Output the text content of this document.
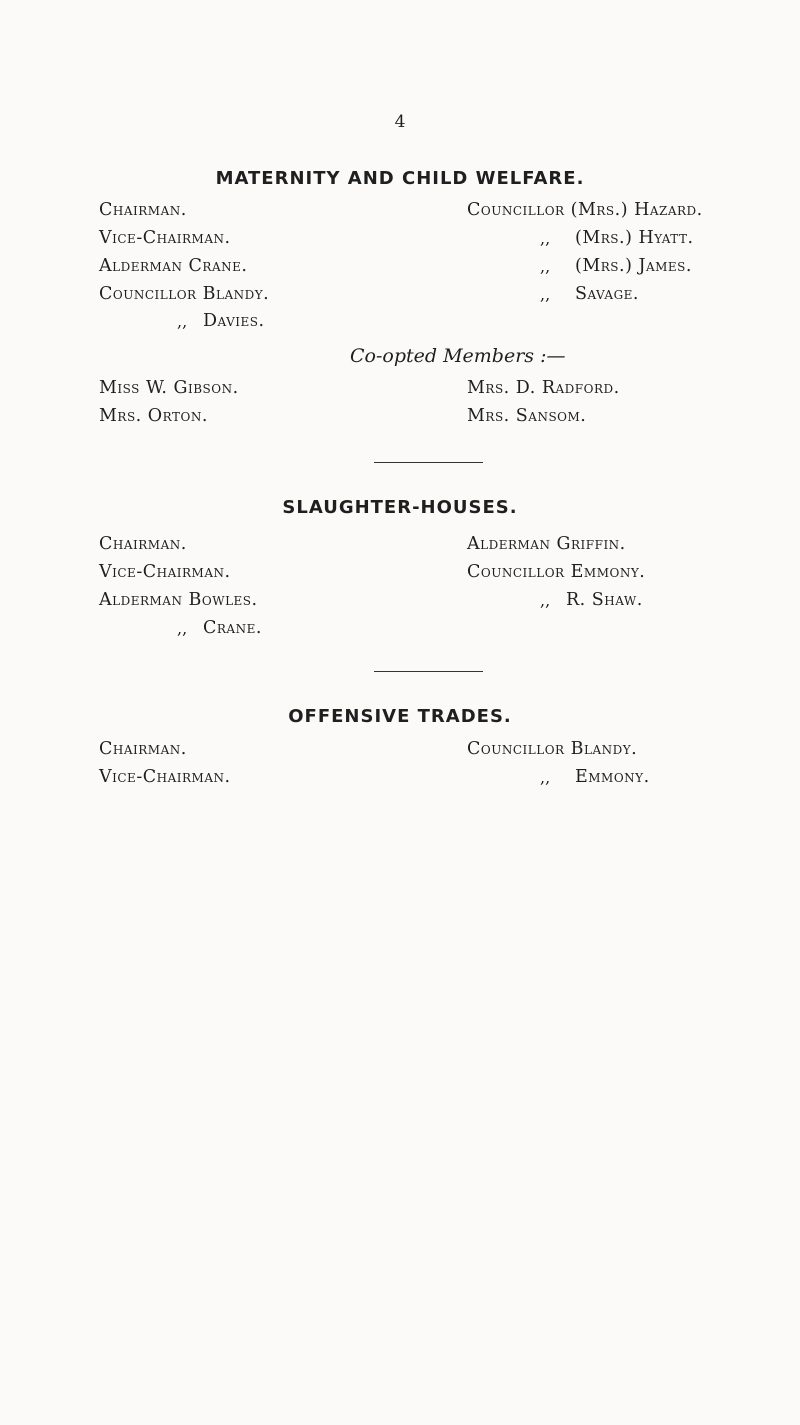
4
MATERNITY AND CHILD WELFARE.
Chairman.
Vice-Chairman.
Alderman Crane.
Councillor Blandy.
,, Davies.
Councillor (Mrs.) Hazard.
,, (Mrs.) Hyatt.
,, (Mrs.) James.
,, Savage.
Co-opted Members :—
Miss W. Gibson.
Mrs. Orton.
Mrs. D. Radford.
Mrs. Sansom.
SLAUGHTER-HOUSES.
Chairman.
Vice-Chairman.
Alderman Bowles.
,, Crane.
Alderman Griffin.
Councillor Emmony.
,, R. Shaw.
OFFENSIVE TRADES.
Chairman.
Vice-Chairman.
Councillor Blandy.
,, Emmony.
